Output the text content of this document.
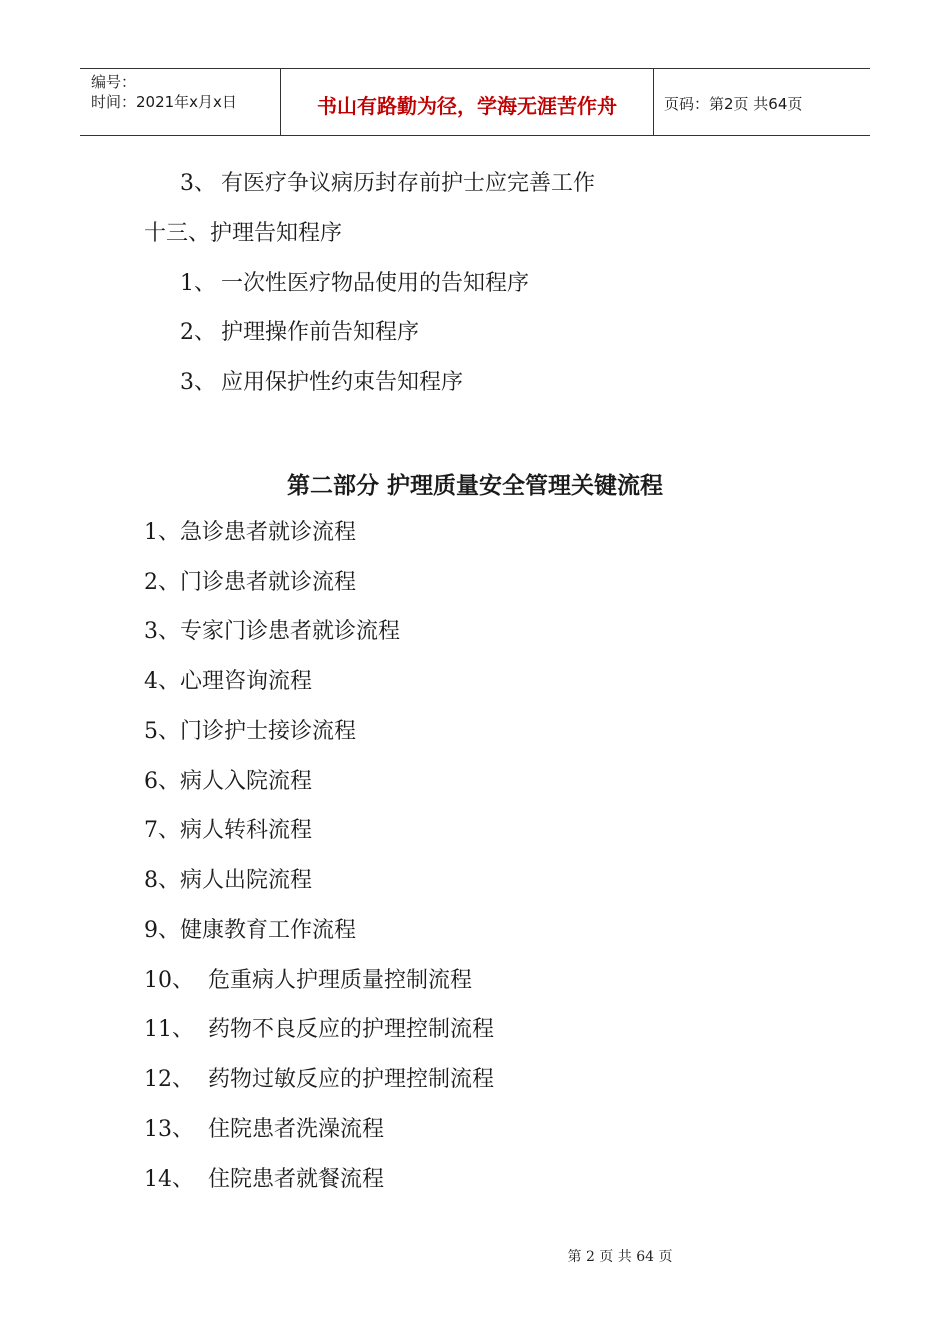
编号：
时间：2021年x月x日	书山有路勤为径，学海无涯苦作舟	页码：第2页 共64页
3、 有医疗争议病历封存前护士应完善工作
十三、护理告知程序
1、 一次性医疗物品使用的告知程序
2、 护理操作前告知程序
3、 应用保护性约束告知程序
第二部分 护理质量安全管理关键流程
1、急诊患者就诊流程
2、门诊患者就诊流程
3、专家门诊患者就诊流程
4、心理咨询流程
5、门诊护士接诊流程
6、病人入院流程
7、病人转科流程
8、病人出院流程
9、健康教育工作流程
10、 危重病人护理质量控制流程
11、 药物不良反应的护理控制流程
12、 药物过敏反应的护理控制流程
13、 住院患者洗澡流程
14、 住院患者就餐流程
第 2 页 共 64 页
